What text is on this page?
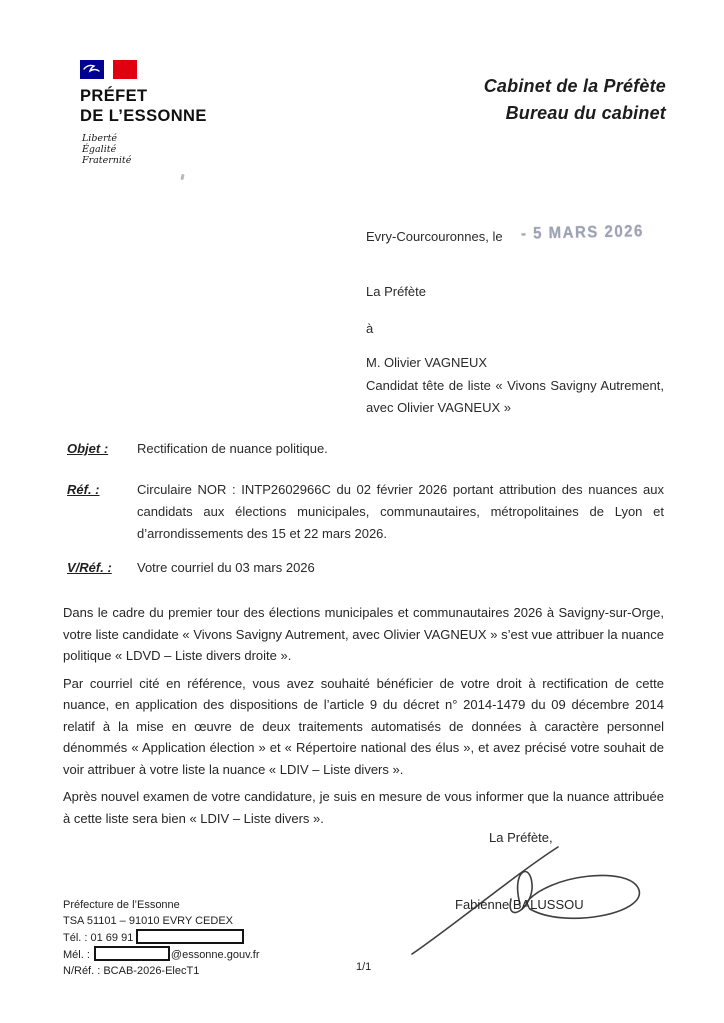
PRÉFET
DE L’ESSONNE
Liberté
Égalité
Fraternité
Cabinet de la Préfète
Bureau du cabinet
Evry-Courcouronnes, le - 5 MARS 2026
La Préfète
à
M. Olivier VAGNEUX
Candidat tête de liste « Vivons Savigny Autrement, avec Olivier VAGNEUX »
Objet :	Rectification de nuance politique.
Réf. :	Circulaire NOR : INTP2602966C du 02 février 2026 portant attribution des nuances aux candidats aux élections municipales, communautaires, métropolitaines de Lyon et d’arrondissements des 15 et 22 mars 2026.
V/Réf. :	Votre courriel du 03 mars 2026

Dans le cadre du premier tour des élections municipales et communautaires 2026 à Savigny-sur-Orge, votre liste candidate « Vivons Savigny Autrement, avec Olivier VAGNEUX » s’est vue attribuer la nuance politique « LDVD – Liste divers droite ».

Par courriel cité en référence, vous avez souhaité bénéficier de votre droit à rectification de cette nuance, en application des dispositions de l’article 9 du décret n° 2014-1479 du 09 décembre 2014 relatif à la mise en œuvre de deux traitements automatisés de données à caractère personnel dénommés « Application élection » et « Répertoire national des élus », et avez précisé votre souhait de voir attribuer à votre liste la nuance « LDIV – Liste divers ».

Après nouvel examen de votre candidature, je suis en mesure de vous informer que la nuance attribuée à cette liste sera bien « LDIV – Liste divers ».

La Préfète,
Fabienne BALUSSOU
Préfecture de l’Essonne
TSA 51101 – 91010 EVRY CEDEX
Tél. : 01 69 91
Mél. :	@essonne.gouv.fr
N/Réf. : BCAB-2026-ElecT1	1/1
